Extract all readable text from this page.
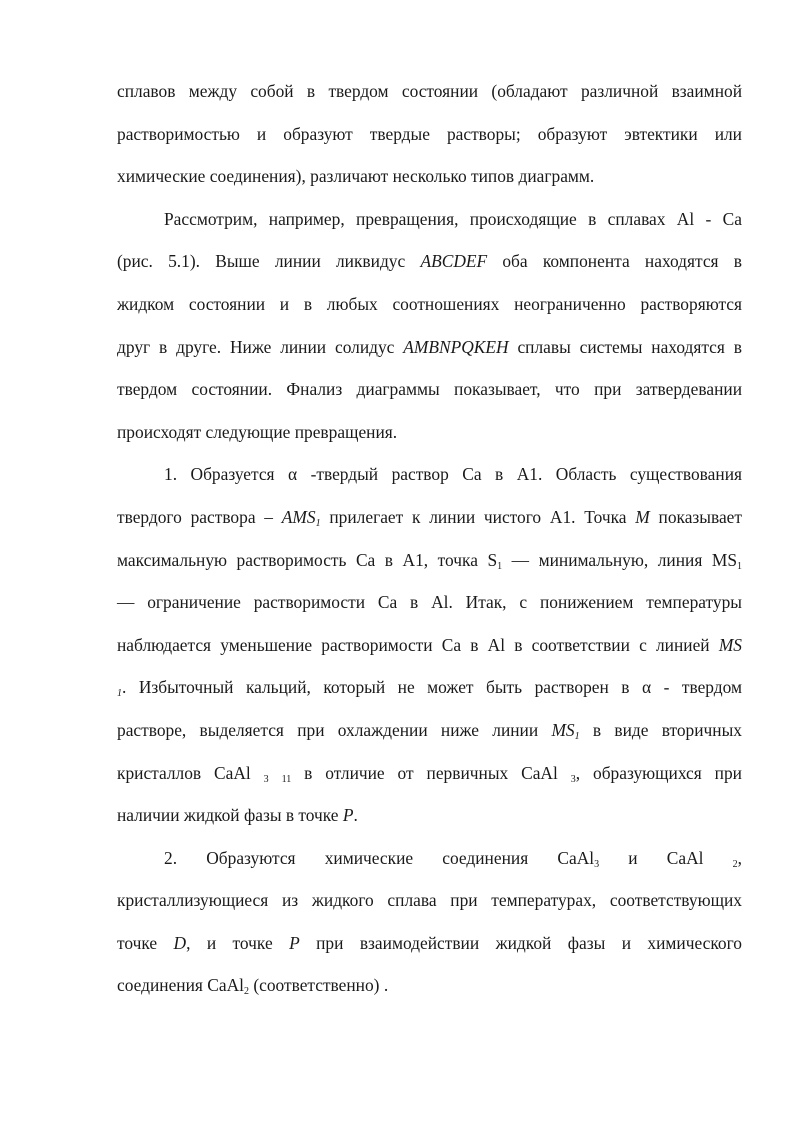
сплавов между собой в твердом состоянии (обладают различной взаимной
растворимостью и образуют твердые растворы; образуют эвтектики или
химические соединения), различают несколько типов диаграмм.
Рассмотрим, например, превращения, происходящие в сплавах Al - Ca
(рис. 5.1). Выше линии ликвидус ABCDEF оба компонента находятся в
жидком состоянии и в любых соотношениях неограниченно растворяются
друг в друге. Ниже линии солидус AMBNPQKEH сплавы системы находятся в
твердом состоянии. Фнализ диаграммы показывает, что при затвердевании
происходят следующие превращения.
1. Образуется α -твердый раствор Ca в А1. Область существования
твердого раствора – $AMS_1$ прилегает к линии чистого А1. Точка М показывает
максимальную растворимость Ca в А1, точка $S_1$ — минимальную, линия $MS_1$
— ограничение растворимости Ca в Al. Итак, с понижением температуры
наблюдается уменьшение растворимости Ca в Al в соответствии с линией MS
$_1$. Избыточный кальций, который не может быть растворен в α - твердом
растворе, выделяется при охлаждении ниже линии $MS_1$ в виде вторичных
кристаллов CaAl $_3$ $_{11}$ в отличие от первичных CaAl $_3$, образующихся при
наличии жидкой фазы в точке P.
2. Образуются химические соединения CaAl$_3$ и CaAl $_2$,
кристаллизующиеся из жидкого сплава при температурах, соответствующих
точке D, и точке P при взаимодействии жидкой фазы и химического
соединения CaAl$_2$ (соответственно) .
